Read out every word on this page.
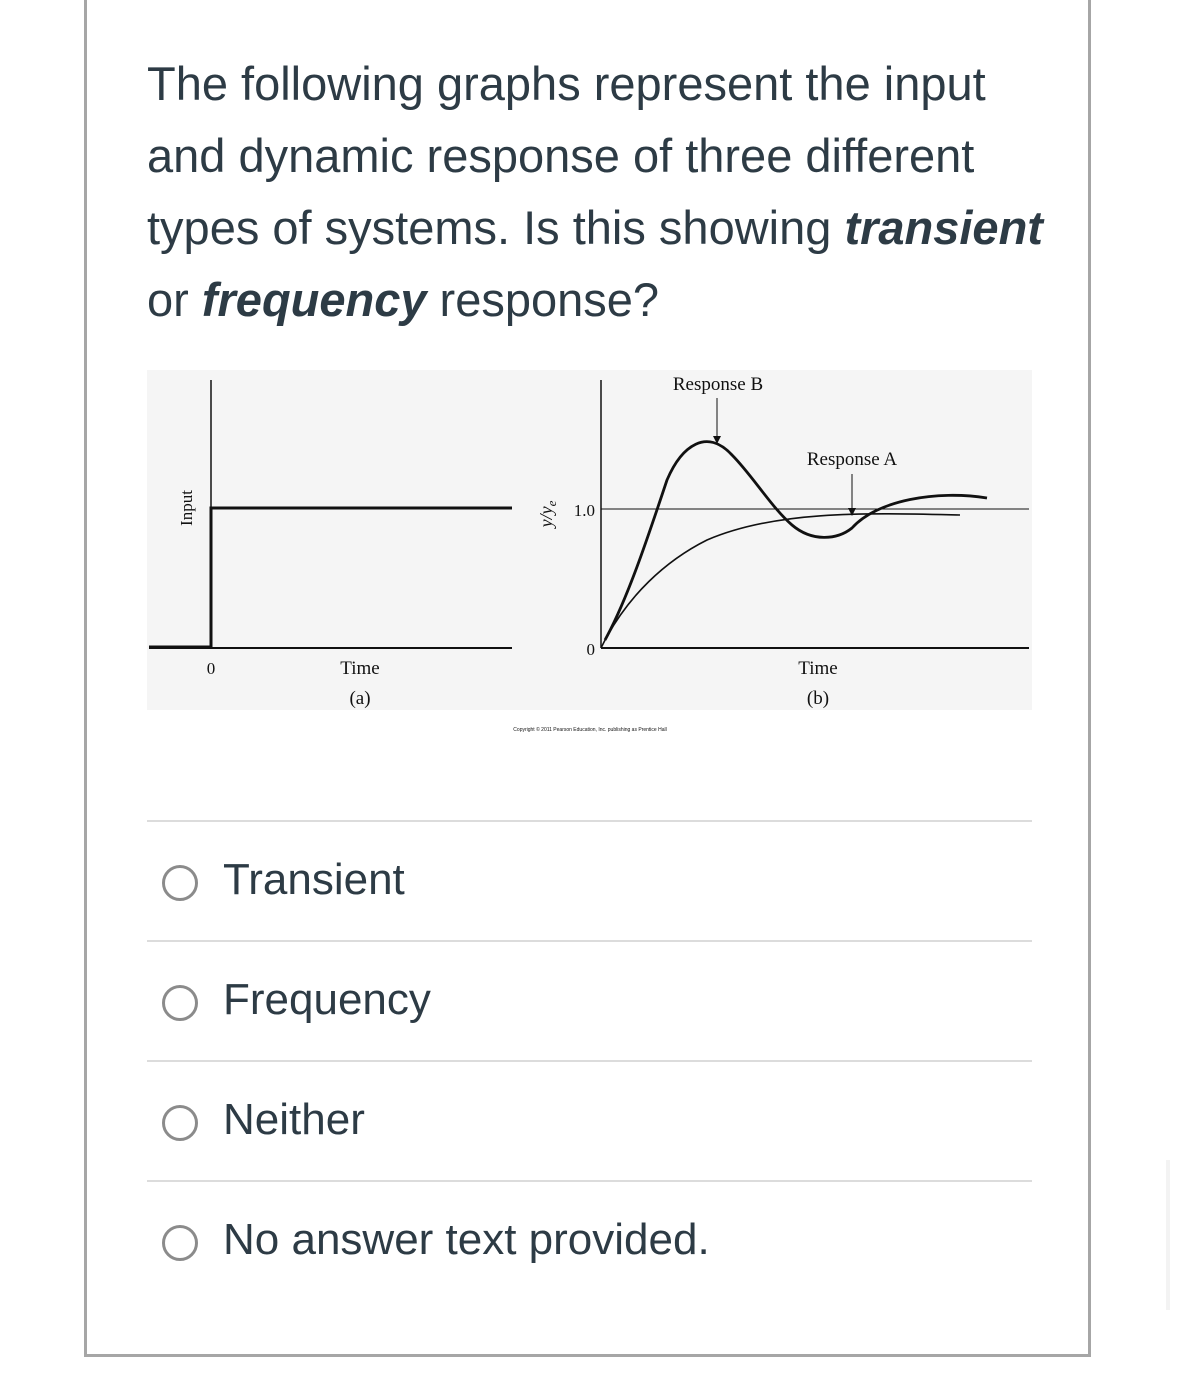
The following graphs represent the input and dynamic response of three different types of systems. Is this showing transient or frequency response?

Input
0	Time
(a)
Response B
Response A
1.0
0
$y/y_e$
Time
(b)
Copyright © 2011 Pearson Education, Inc. publishing as Prentice Hall
Transient
Frequency
Neither
No answer text provided.
